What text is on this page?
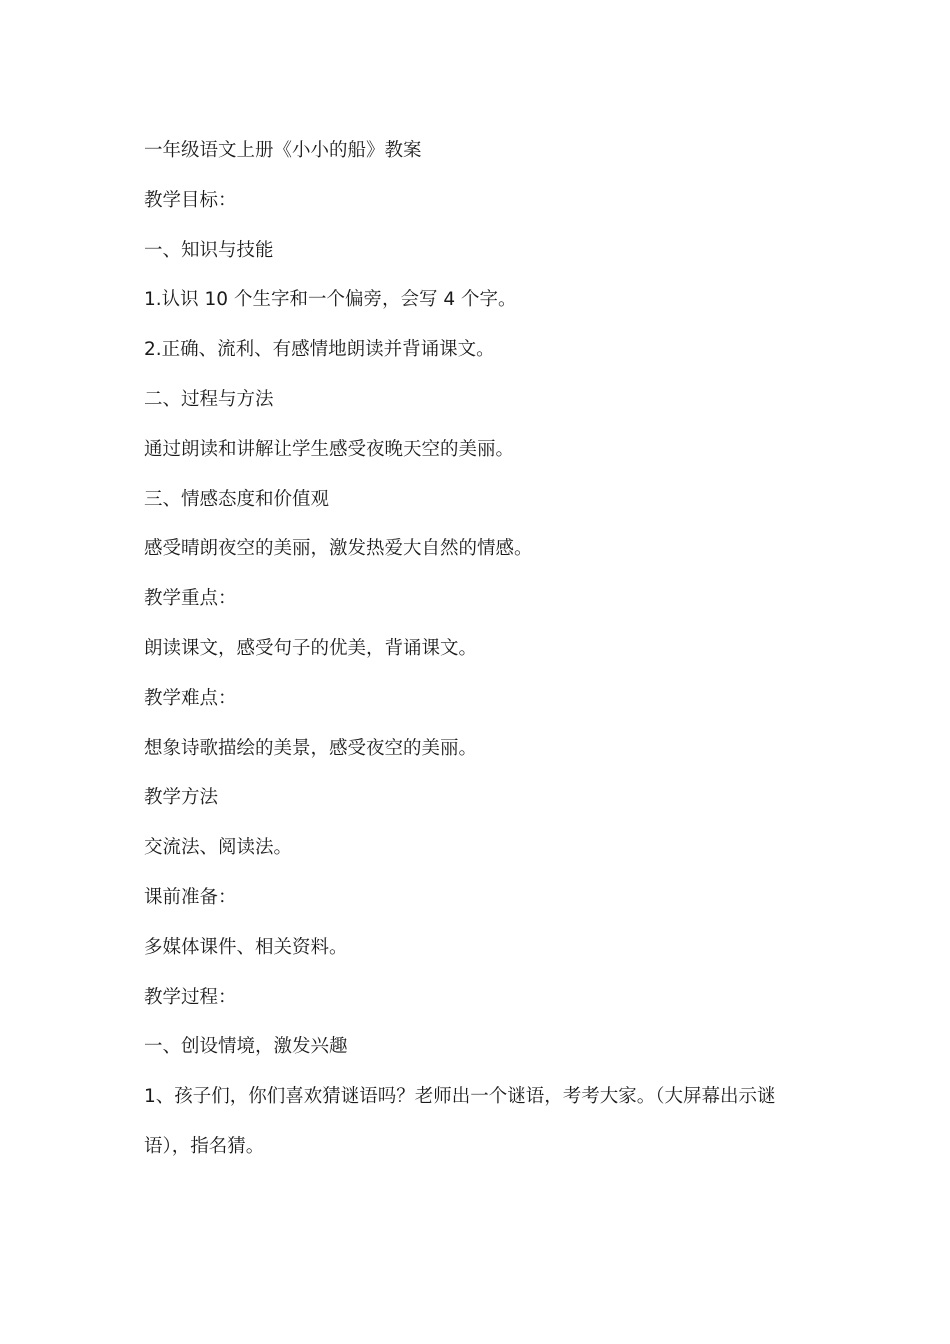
一年级语文上册《小小的船》教案
教学目标：
一、知识与技能
1.认识 10 个生字和一个偏旁，会写 4 个字。
2.正确、流利、有感情地朗读并背诵课文。
二、过程与方法
通过朗读和讲解让学生感受夜晚天空的美丽。
三、情感态度和价值观
感受晴朗夜空的美丽，激发热爱大自然的情感。
教学重点：
朗读课文，感受句子的优美，背诵课文。
教学难点：
想象诗歌描绘的美景，感受夜空的美丽。
教学方法
交流法、阅读法。
课前准备：
多媒体课件、相关资料。
教学过程：
一、创设情境，激发兴趣
1、孩子们，你们喜欢猜谜语吗？老师出一个谜语，考考大家。（大屏幕出示谜
语），指名猜。
